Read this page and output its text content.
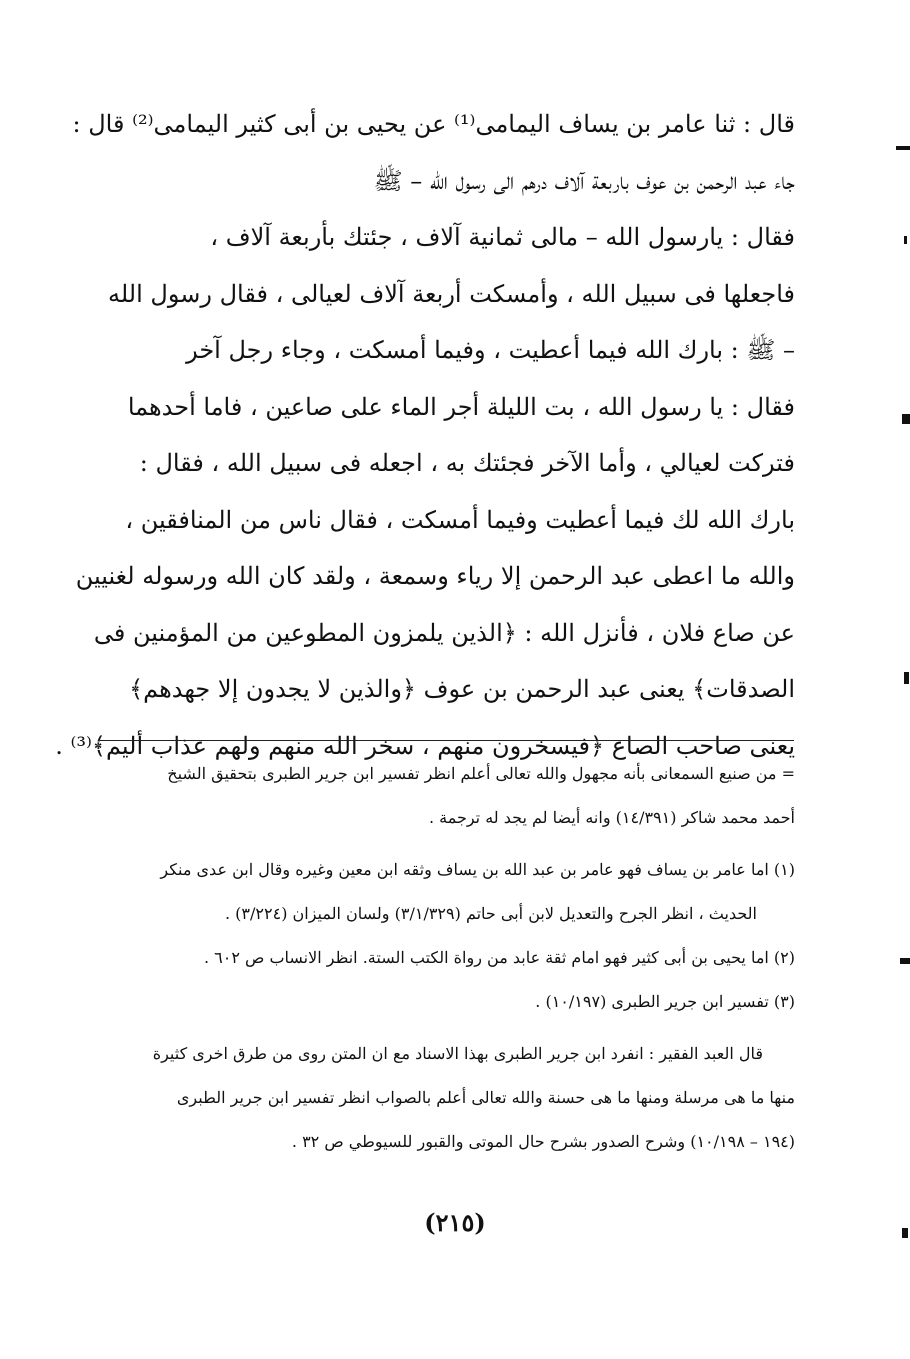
قال : ثنا عامر بن يساف اليمامى⁽¹⁾ عن يحيى بن أبى كثير اليمامى⁽²⁾ قال :
جاء عبد الرحمن بن عوف باربعة آلاف درهم الى رسول الله – ﷺ
فقال : يارسول الله – مالى ثمانية آلاف ، جئتك بأربعة آلاف ،
فاجعلها فى سبيل الله ، وأمسكت أربعة آلاف لعيالى ، فقال رسول الله
– ﷺ : بارك الله فيما أعطيت ، وفيما أمسكت ، وجاء رجل آخر
فقال : يا رسول الله ، بت الليلة أجر الماء على صاعين ، فاما أحدهما
فتركت لعيالي ، وأما الآخر فجئتك به ، اجعله فى سبيل الله ، فقال :
بارك الله لك فيما أعطيت وفيما أمسكت ، فقال ناس من المنافقين ،
والله ما اعطى عبد الرحمن إلا رياء وسمعة ، ولقد كان الله ورسوله لغنيين
عن صاع فلان ، فأنزل الله : ﴿الذين يلمزون المطوعين من المؤمنين فى
الصدقات﴾ يعنى عبد الرحمن بن عوف ﴿والذين لا يجدون إلا جهدهم﴾
يعنى صاحب الصاع ﴿فيسخرون منهم ، سخر الله منهم ولهم عذاب أليم﴾⁽³⁾ .
= من صنيع السمعانى بأنه مجهول والله تعالى أعلم انظر تفسير ابن جرير الطبرى بتحقيق الشيخ
أحمد محمد شاكر (١٤/٣٩١) وانه أيضا لم يجد له ترجمة .
(١) اما عامر بن يساف فهو عامر بن عبد الله بن يساف وثقه ابن معين وغيره وقال ابن عدى منكر
الحديث ، انظر الجرح والتعديل لابن أبى حاتم (٣/١/٣٢٩) ولسان الميزان (٣/٢٢٤) .
(٢) اما يحيى بن أبى كثير فهو امام ثقة عابد من رواة الكتب الستة. انظر الانساب ص ٦٠٢ .
(٣) تفسير ابن جرير الطبرى (١٠/١٩٧) .
قال العبد الفقير : انفرد ابن جرير الطبرى بهذا الاسناد مع ان المتن روى من طرق اخرى كثيرة
منها ما هى مرسلة ومنها ما هى حسنة والله تعالى أعلم بالصواب انظر تفسير ابن جرير الطبرى
(١٩٤ – ١٠/١٩٨) وشرح الصدور بشرح حال الموتى والقبور للسيوطي ص ٣٢ .
(٢١٥)
